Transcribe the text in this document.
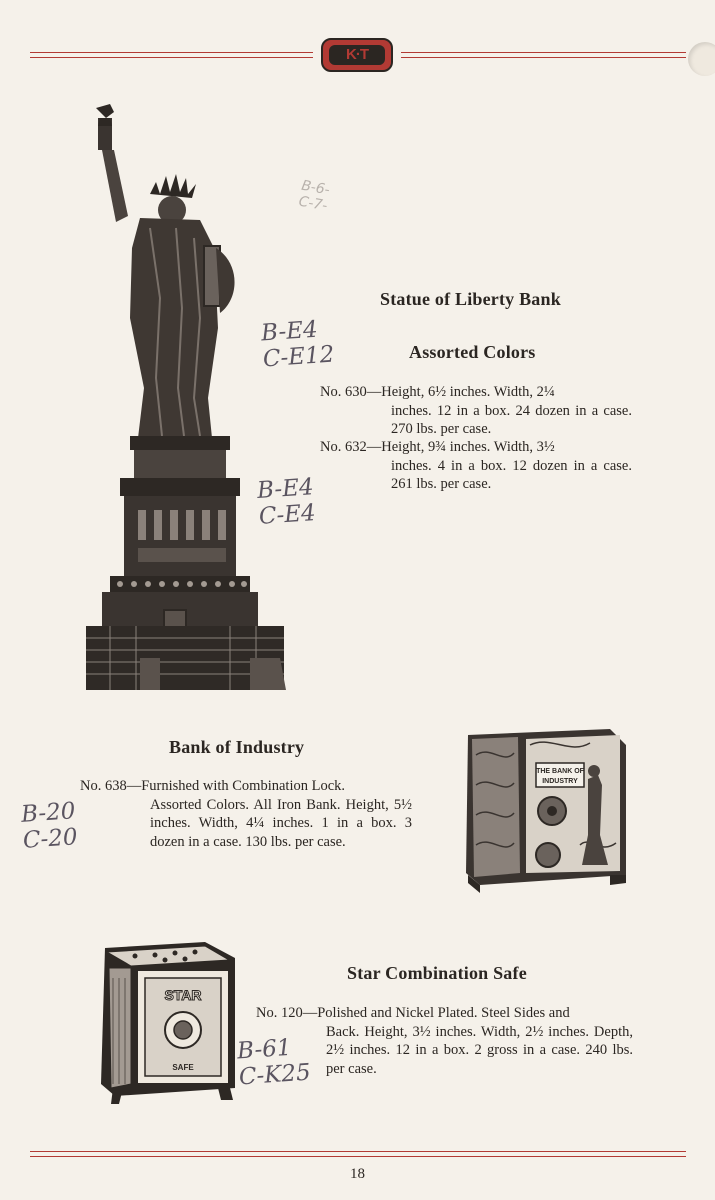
K·T
B-6-
C-7-
B-E4
C-E12
B-E4
C-E4
Statue of Liberty Bank
Assorted Colors
No. 630—Height, 6½ inches. Width, 2¼
inches. 12 in a box. 24 dozen in a case. 270 lbs. per case.
No. 632—Height, 9¾ inches. Width, 3½
inches. 4 in a box. 12 dozen in a case. 261 lbs. per case.
Bank of Industry
No. 638—Furnished with Combination Lock.
Assorted Colors. All Iron Bank. Height, 5½ inches. Width, 4¼ inches. 1 in a box. 3 dozen in a case. 130 lbs. per case.
B-20
C-20
THE BANK OF
INDUSTRY
STAR
SAFE
Star Combination Safe
No. 120—Polished and Nickel Plated. Steel Sides and
Back. Height, 3½ inches. Width, 2½ inches. Depth, 2½ inches. 12 in a box. 2 gross in a case. 240 lbs. per case.
B-61
C-K25
18
